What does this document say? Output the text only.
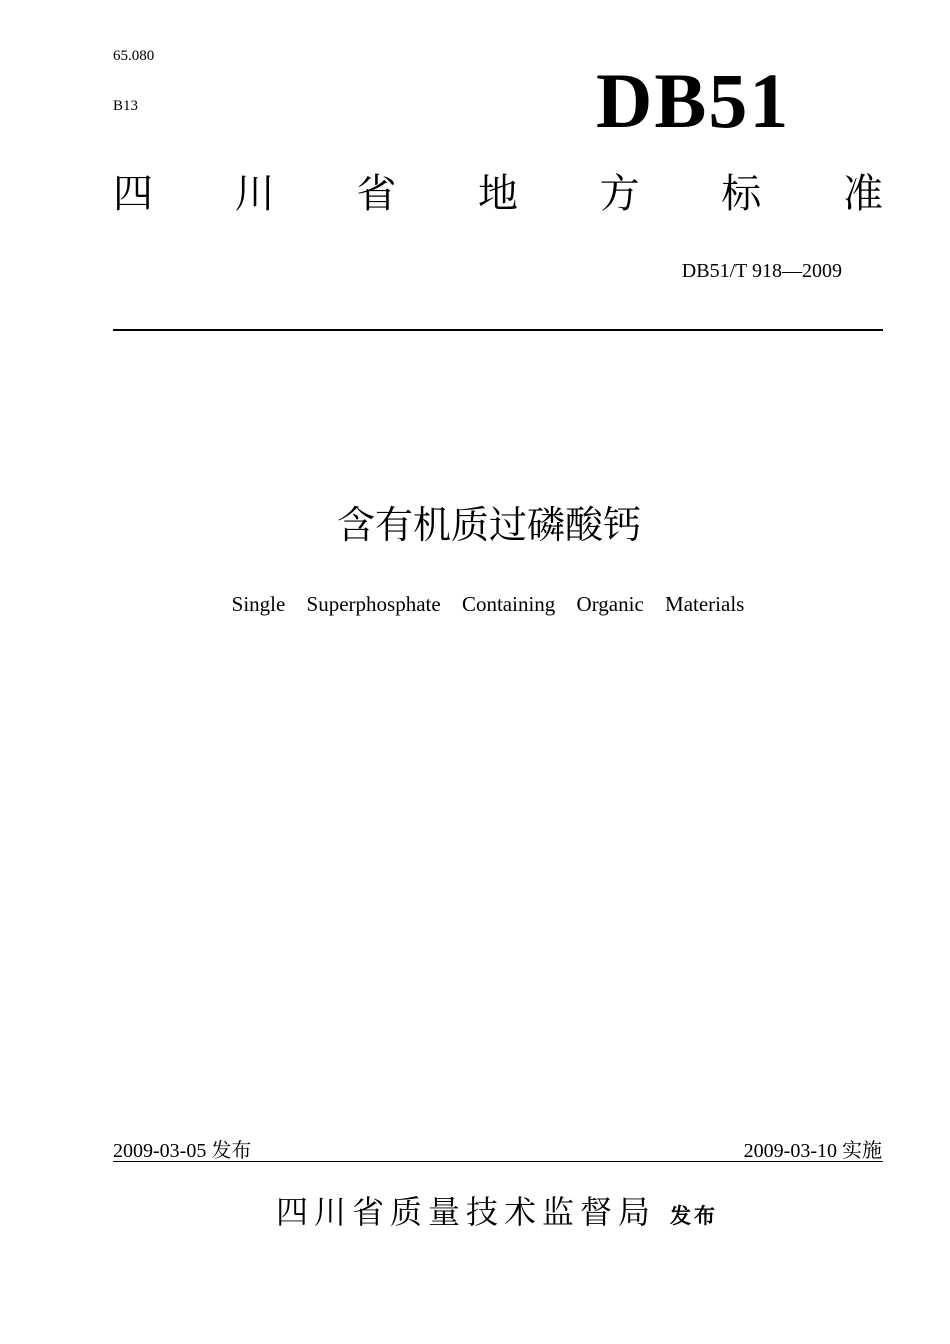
65.080
B13	DB51
四 川 省 地 方 标 准
DB51/T 918—2009
含有机质过磷酸钙
Single Superphosphate Containing Organic Materials
2009-03-05 发布	2009-03-10 实施
四川省质量技术监督局 发布
